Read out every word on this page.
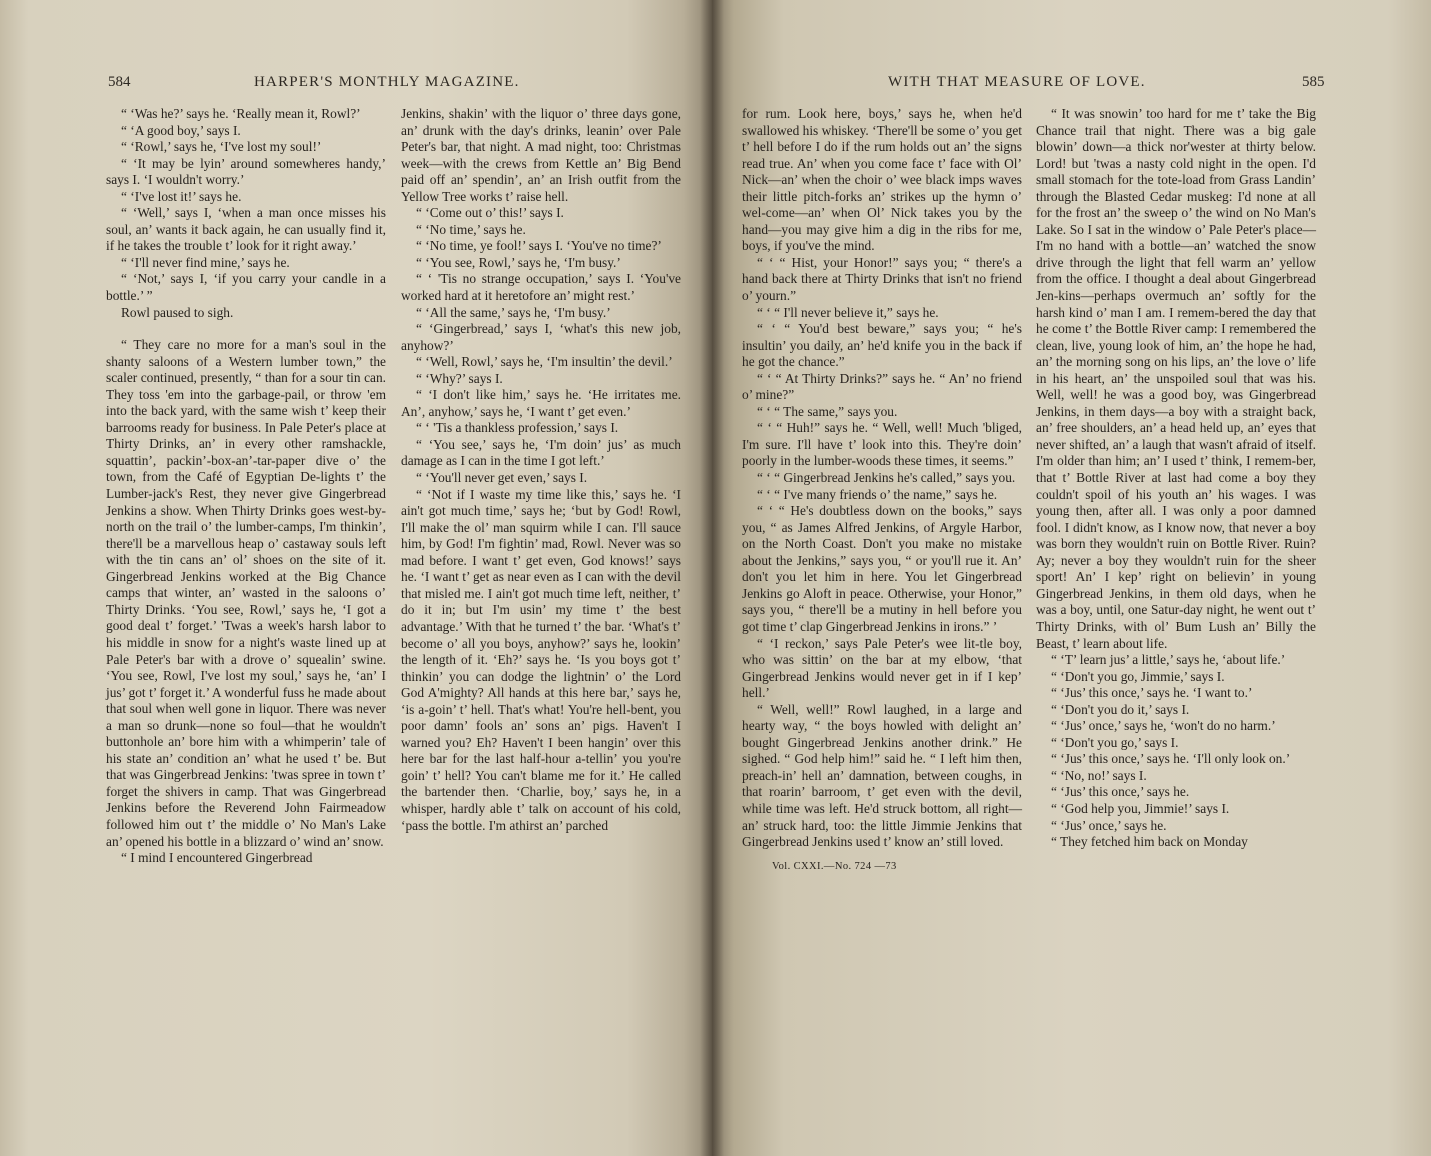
584	HARPER'S MONTHLY MAGAZINE.

“ ‘Was he?’ says he. ‘Really mean it, Rowl?’

“ ‘A good boy,’ says I.

“ ‘Rowl,’ says he, ‘I've lost my soul!’

“ ‘It may be lyin’ around somewheres handy,’ says I. ‘I wouldn't worry.’

“ ‘I've lost it!’ says he.

“ ‘Well,’ says I, ‘when a man once misses his soul, an’ wants it back again, he can usually find it, if he takes the trouble t’ look for it right away.’

“ ‘I'll never find mine,’ says he.

“ ‘Not,’ says I, ‘if you carry your candle in a bottle.’ ”

Rowl paused to sigh.

“ They care no more for a man's soul in the shanty saloons of a Western lumber town,” the scaler continued, presently, “ than for a sour tin can. They toss 'em into the garbage-pail, or throw 'em into the back yard, with the same wish t’ keep their barrooms ready for business. In Pale Peter's place at Thirty Drinks, an’ in every other ramshackle, squattin’, packin’-box-an’-tar-paper dive o’ the town, from the Café of Egyptian De-lights t’ the Lumber-jack's Rest, they never give Gingerbread Jenkins a show. When Thirty Drinks goes west-by-north on the trail o’ the lumber-camps, I'm thinkin’, there'll be a marvellous heap o’ castaway souls left with the tin cans an’ ol’ shoes on the site of it. Gingerbread Jenkins worked at the Big Chance camps that winter, an’ wasted in the saloons o’ Thirty Drinks. ‘You see, Rowl,’ says he, ‘I got a good deal t’ forget.’ 'Twas a week's harsh labor to his middle in snow for a night's waste lined up at Pale Peter's bar with a drove o’ squealin’ swine. ‘You see, Rowl, I've lost my soul,’ says he, ‘an’ I jus’ got t’ forget it.’ A wonderful fuss he made about that soul when well gone in liquor. There was never a man so drunk—none so foul—that he wouldn't buttonhole an’ bore him with a whimperin’ tale of his state an’ condition an’ what he used t’ be. But that was Gingerbread Jenkins: 'twas spree in town t’ forget the shivers in camp. That was Gingerbread Jenkins before the Reverend John Fairmeadow followed him out t’ the middle o’ No Man's Lake an’ opened his bottle in a blizzard o’ wind an’ snow.

“ I mind I encountered Gingerbread

Jenkins, shakin’ with the liquor o’ three days gone, an’ drunk with the day's drinks, leanin’ over Pale Peter's bar, that night. A mad night, too: Christmas week—with the crews from Kettle an’ Big Bend paid off an’ spendin’, an’ an Irish outfit from the Yellow Tree works t’ raise hell.

“ ‘Come out o’ this!’ says I.

“ ‘No time,’ says he.

“ ‘No time, ye fool!’ says I. ‘You've no time?’

“ ‘You see, Rowl,’ says he, ‘I'm busy.’

“ ‘ 'Tis no strange occupation,’ says I. ‘You've worked hard at it heretofore an’ might rest.’

“ ‘All the same,’ says he, ‘I'm busy.’

“ ‘Gingerbread,’ says I, ‘what's this new job, anyhow?’

“ ‘Well, Rowl,’ says he, ‘I'm insultin’ the devil.’

“ ‘Why?’ says I.

“ ‘I don't like him,’ says he. ‘He irritates me. An’, anyhow,’ says he, ‘I want t’ get even.’

“ ‘ 'Tis a thankless profession,’ says I.

“ ‘You see,’ says he, ‘I'm doin’ jus’ as much damage as I can in the time I got left.’

“ ‘You'll never get even,’ says I.

“ ‘Not if I waste my time like this,’ says he. ‘I ain't got much time,’ says he; ‘but by God! Rowl, I'll make the ol’ man squirm while I can. I'll sauce him, by God! I'm fightin’ mad, Rowl. Never was so mad before. I want t’ get even, God knows!’ says he. ‘I want t’ get as near even as I can with the devil that misled me. I ain't got much time left, neither, t’ do it in; but I'm usin’ my time t’ the best advantage.’ With that he turned t’ the bar. ‘What's t’ become o’ all you boys, anyhow?’ says he, lookin’ the length of it. ‘Eh?’ says he. ‘Is you boys got t’ thinkin’ you can dodge the lightnin’ o’ the Lord God A'mighty? All hands at this here bar,’ says he, ‘is a-goin’ t’ hell. That's what! You're hell-bent, you poor damn’ fools an’ sons an’ pigs. Haven't I warned you? Eh? Haven't I been hangin’ over this here bar for the last half-hour a-tellin’ you you're goin’ t’ hell? You can't blame me for it.’ He called the bartender then. ‘Charlie, boy,’ says he, in a whisper, hardly able t’ talk on account of his cold, ‘pass the bottle. I'm athirst an’ parched

WITH THAT MEASURE OF LOVE.	585

for rum. Look here, boys,’ says he, when he'd swallowed his whiskey. ‘There'll be some o’ you get t’ hell before I do if the rum holds out an’ the signs read true. An’ when you come face t’ face with Ol’ Nick—an’ when the choir o’ wee black imps waves their little pitch-forks an’ strikes up the hymn o’ wel-come—an’ when Ol’ Nick takes you by the hand—you may give him a dig in the ribs for me, boys, if you've the mind.

“ ‘ “ Hist, your Honor!” says you; “ there's a hand back there at Thirty Drinks that isn't no friend o’ yourn.”

“ ‘ “ I'll never believe it,” says he.

“ ‘ “ You'd best beware,” says you; “ he's insultin’ you daily, an’ he'd knife you in the back if he got the chance.”

“ ‘ “ At Thirty Drinks?” says he. “ An’ no friend o’ mine?”

“ ‘ “ The same,” says you.

“ ‘ “ Huh!” says he. “ Well, well! Much 'bliged, I'm sure. I'll have t’ look into this. They're doin’ poorly in the lumber-woods these times, it seems.”

“ ‘ “ Gingerbread Jenkins he's called,” says you.

“ ‘ “ I've many friends o’ the name,” says he.

“ ‘ “ He's doubtless down on the books,” says you, “ as James Alfred Jenkins, of Argyle Harbor, on the North Coast. Don't you make no mistake about the Jenkins,” says you, “ or you'll rue it. An’ don't you let him in here. You let Gingerbread Jenkins go Aloft in peace. Otherwise, your Honor,” says you, “ there'll be a mutiny in hell before you got time t’ clap Gingerbread Jenkins in irons.” ’

“ ‘I reckon,’ says Pale Peter's wee lit-tle boy, who was sittin’ on the bar at my elbow, ‘that Gingerbread Jenkins would never get in if I kep’ hell.’

“ Well, well!” Rowl laughed, in a large and hearty way, “ the boys howled with delight an’ bought Gingerbread Jenkins another drink.” He sighed. “ God help him!” said he. “ I left him then, preach-in’ hell an’ damnation, between coughs, in that roarin’ barroom, t’ get even with the devil, while time was left. He'd struck bottom, all right—an’ struck hard, too: the little Jimmie Jenkins that Gingerbread Jenkins used t’ know an’ still loved.

Vol. CXXI.—No. 724 —73

“ It was snowin’ too hard for me t’ take the Big Chance trail that night. There was a big gale blowin’ down—a thick nor'wester at thirty below. Lord! but 'twas a nasty cold night in the open. I'd small stomach for the tote-load from Grass Landin’ through the Blasted Cedar muskeg: I'd none at all for the frost an’ the sweep o’ the wind on No Man's Lake. So I sat in the window o’ Pale Peter's place—I'm no hand with a bottle—an’ watched the snow drive through the light that fell warm an’ yellow from the office. I thought a deal about Gingerbread Jen-kins—perhaps overmuch an’ softly for the harsh kind o’ man I am. I remem-bered the day that he come t’ the Bottle River camp: I remembered the clean, live, young look of him, an’ the hope he had, an’ the morning song on his lips, an’ the love o’ life in his heart, an’ the unspoiled soul that was his. Well, well! he was a good boy, was Gingerbread Jenkins, in them days—a boy with a straight back, an’ free shoulders, an’ a head held up, an’ eyes that never shifted, an’ a laugh that wasn't afraid of itself. I'm older than him; an’ I used t’ think, I remem-ber, that t’ Bottle River at last had come a boy they couldn't spoil of his youth an’ his wages. I was young then, after all. I was only a poor damned fool. I didn't know, as I know now, that never a boy was born they wouldn't ruin on Bottle River. Ruin? Ay; never a boy they wouldn't ruin for the sheer sport! An’ I kep’ right on believin’ in young Gingerbread Jenkins, in them old days, when he was a boy, until, one Satur-day night, he went out t’ Thirty Drinks, with ol’ Bum Lush an’ Billy the Beast, t’ learn about life.

“ ‘T’ learn jus’ a little,’ says he, ‘about life.’

“ ‘Don't you go, Jimmie,’ says I.

“ ‘Jus’ this once,’ says he. ‘I want to.’

“ ‘Don't you do it,’ says I.

“ ‘Jus’ once,’ says he, ‘won't do no harm.’

“ ‘Don't you go,’ says I.

“ ‘Jus’ this once,’ says he. ‘I'll only look on.’

“ ‘No, no!’ says I.

“ ‘Jus’ this once,’ says he.

“ ‘God help you, Jimmie!’ says I.

“ ‘Jus’ once,’ says he.

“ They fetched him back on Monday
